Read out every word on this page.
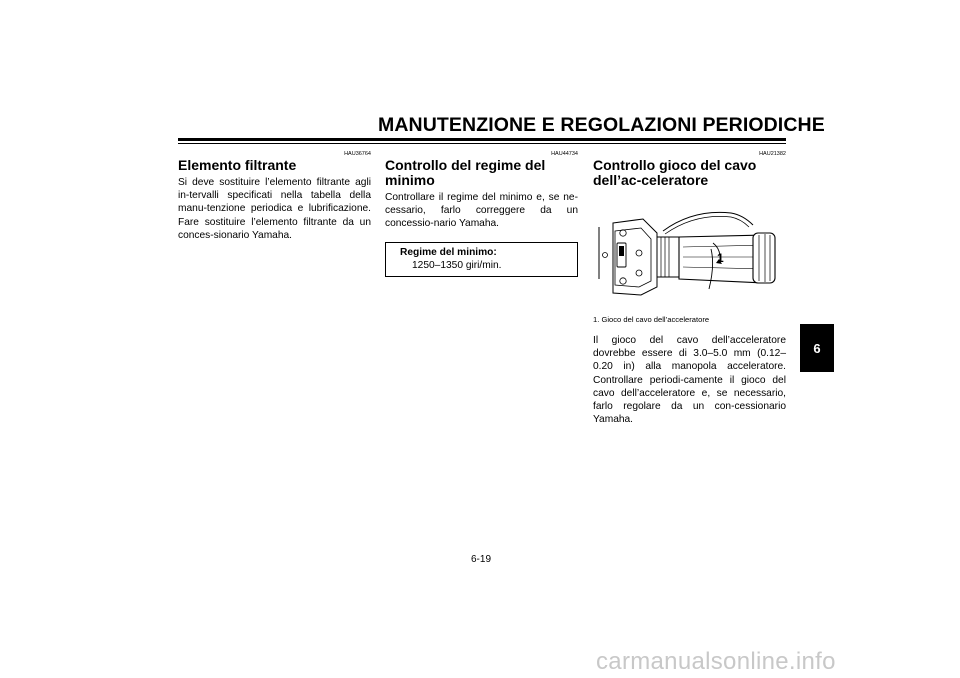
MANUTENZIONE E REGOLAZIONI PERIODICHE
HAU36764
Elemento filtrante

Si deve sostituire l’elemento filtrante agli in-tervalli specificati nella tabella della manu-tenzione periodica e lubrificazione. Fare sostituire l’elemento filtrante da un conces-sionario Yamaha.

HAU44734
Controllo del regime del minimo

Controllare il regime del minimo e, se ne-cessario, farlo correggere da un concessio-nario Yamaha.

Regime del minimo:
1250–1350 giri/min.
HAU21382
Controllo gioco del cavo dell’ac-celeratore
1
1. Gioco del cavo dell’acceleratore

Il gioco del cavo dell’acceleratore dovrebbe essere di 3.0–5.0 mm (0.12–0.20 in) alla manopola acceleratore. Controllare periodi-camente il gioco del cavo dell’acceleratore e, se necessario, farlo regolare da un con-cessionario Yamaha.

6
6-19
carmanualsonline.info
